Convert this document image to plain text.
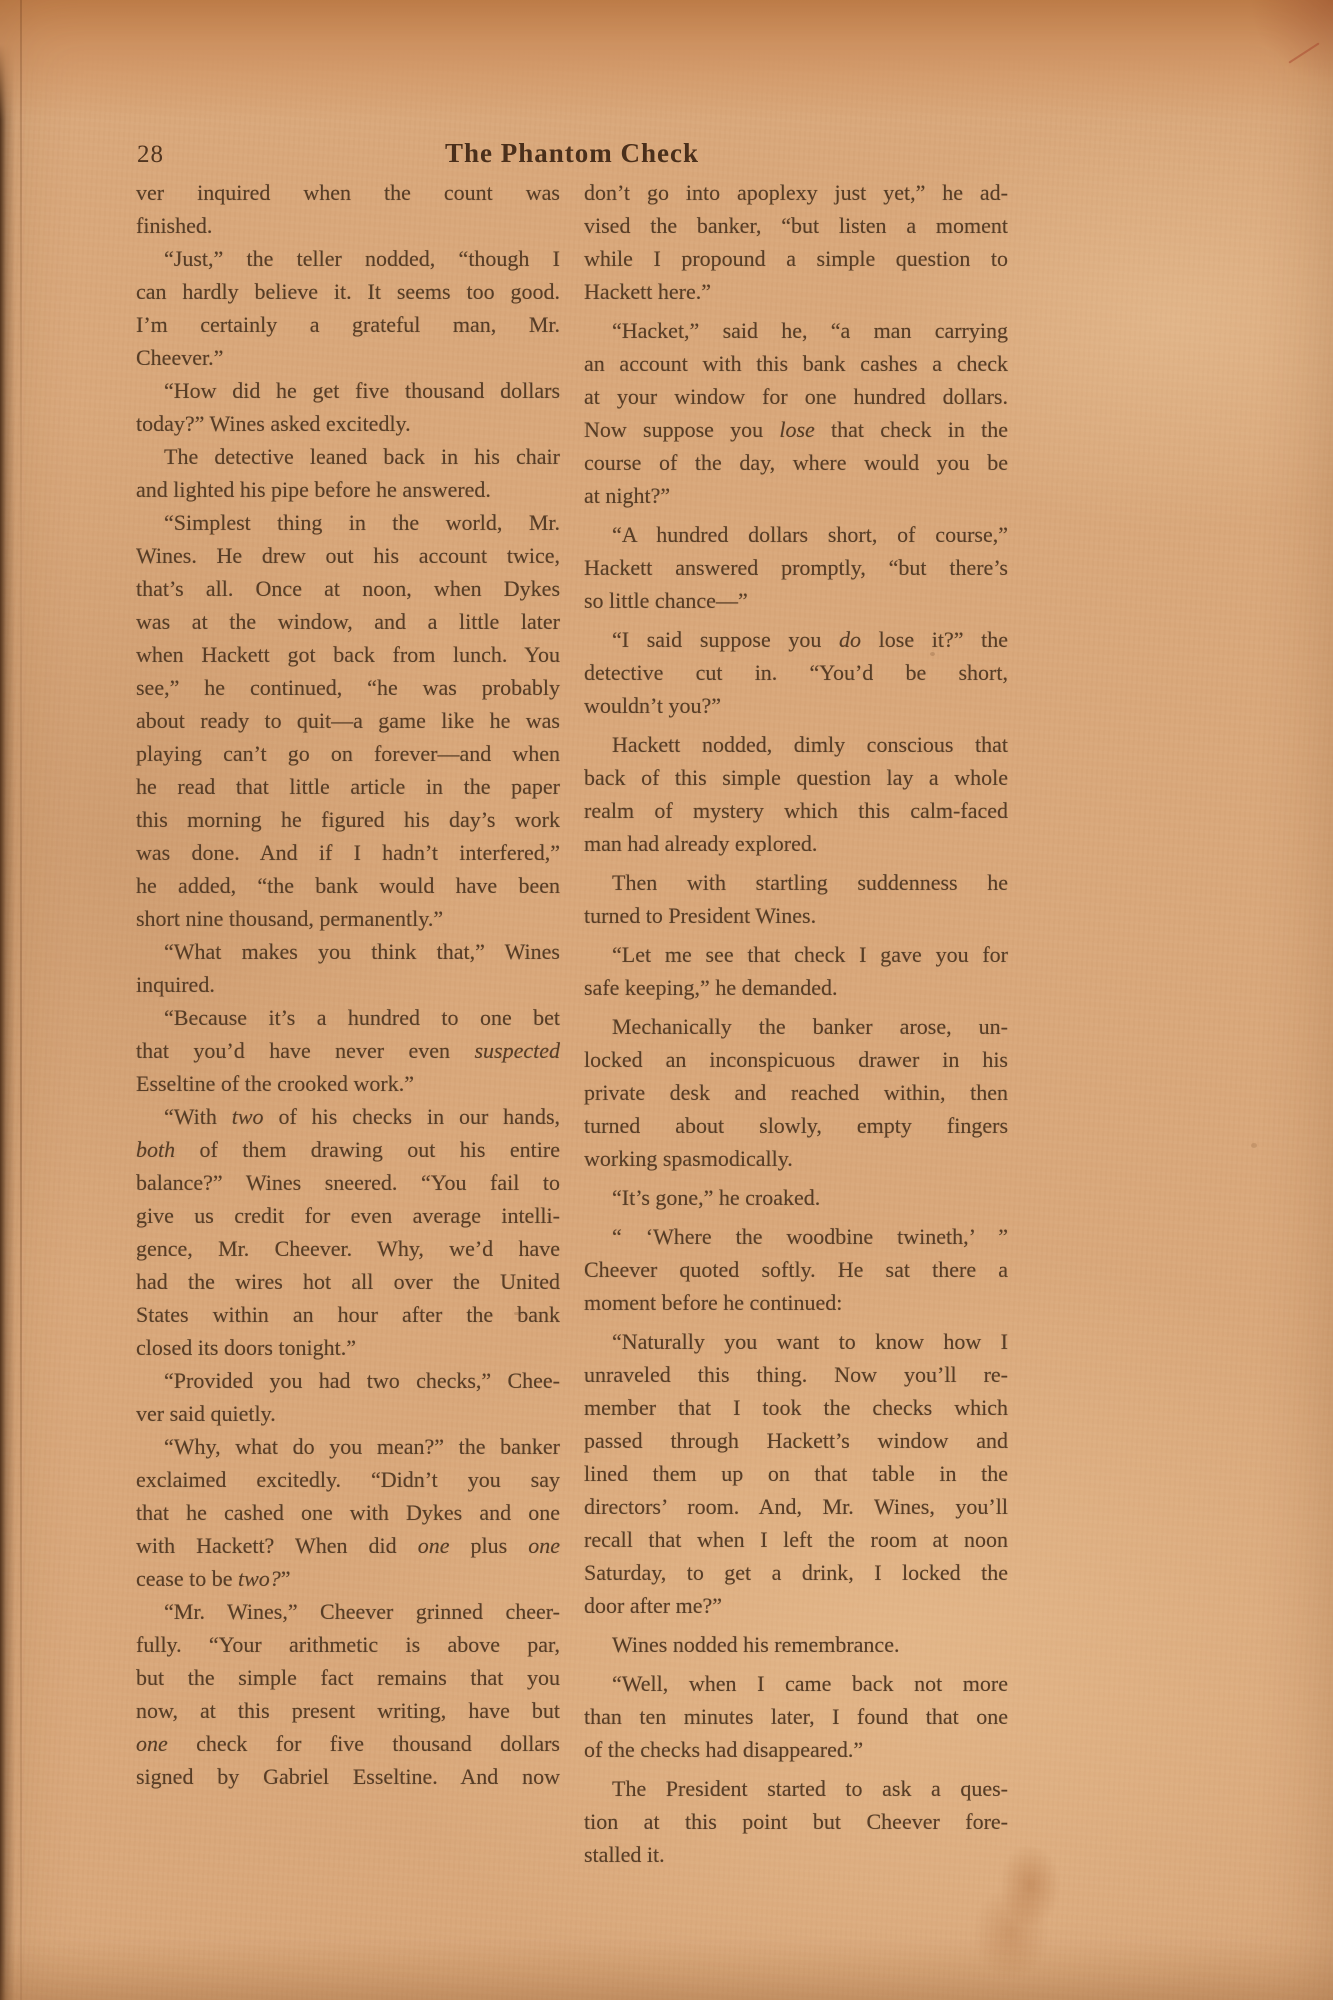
28	The Phantom Check
ver inquired when the count was
finished.
“Just,” the teller nodded, “though I
can hardly believe it. It seems too good.
I’m certainly a grateful man, Mr.
Cheever.”
“How did he get five thousand dollars
today?” Wines asked excitedly.
The detective leaned back in his chair
and lighted his pipe before he answered.
“Simplest thing in the world, Mr.
Wines. He drew out his account twice,
that’s all. Once at noon, when Dykes
was at the window, and a little later
when Hackett got back from lunch. You
see,” he continued, “he was probably
about ready to quit—a game like he was
playing can’t go on forever—and when
he read that little article in the paper
this morning he figured his day’s work
was done. And if I hadn’t interfered,”
he added, “the bank would have been
short nine thousand, permanently.”
“What makes you think that,” Wines
inquired.
“Because it’s a hundred to one bet
that you’d have never even suspected
Esseltine of the crooked work.”
“With two of his checks in our hands,
both of them drawing out his entire
balance?” Wines sneered. “You fail to
give us credit for even average intelli-
gence, Mr. Cheever. Why, we’d have
had the wires hot all over the United
States within an hour after the bank
closed its doors tonight.”
“Provided you had two checks,” Chee-
ver said quietly.
“Why, what do you mean?” the banker
exclaimed excitedly. “Didn’t you say
that he cashed one with Dykes and one
with Hackett? When did one plus one
cease to be two?”
“Mr. Wines,” Cheever grinned cheer-
fully. “Your arithmetic is above par,
but the simple fact remains that you
now, at this present writing, have but
one check for five thousand dollars
signed by Gabriel Esseltine. And now
don’t go into apoplexy just yet,” he ad-
vised the banker, “but listen a moment
while I propound a simple question to
Hackett here.”
“Hacket,” said he, “a man carrying
an account with this bank cashes a check
at your window for one hundred dollars.
Now suppose you lose that check in the
course of the day, where would you be
at night?”
“A hundred dollars short, of course,”
Hackett answered promptly, “but there’s
so little chance—”
“I said suppose you do lose it?” the
detective cut in. “You’d be short,
wouldn’t you?”
Hackett nodded, dimly conscious that
back of this simple question lay a whole
realm of mystery which this calm-faced
man had already explored.
Then with startling suddenness he
turned to President Wines.
“Let me see that check I gave you for
safe keeping,” he demanded.
Mechanically the banker arose, un-
locked an inconspicuous drawer in his
private desk and reached within, then
turned about slowly, empty fingers
working spasmodically.
“It’s gone,” he croaked.
“ ‘Where the woodbine twineth,’ ”
Cheever quoted softly. He sat there a
moment before he continued:
“Naturally you want to know how I
unraveled this thing. Now you’ll re-
member that I took the checks which
passed through Hackett’s window and
lined them up on that table in the
directors’ room. And, Mr. Wines, you’ll
recall that when I left the room at noon
Saturday, to get a drink, I locked the
door after me?”
Wines nodded his remembrance.
“Well, when I came back not more
than ten minutes later, I found that one
of the checks had disappeared.”
The President started to ask a ques-
tion at this point but Cheever fore-
stalled it.
